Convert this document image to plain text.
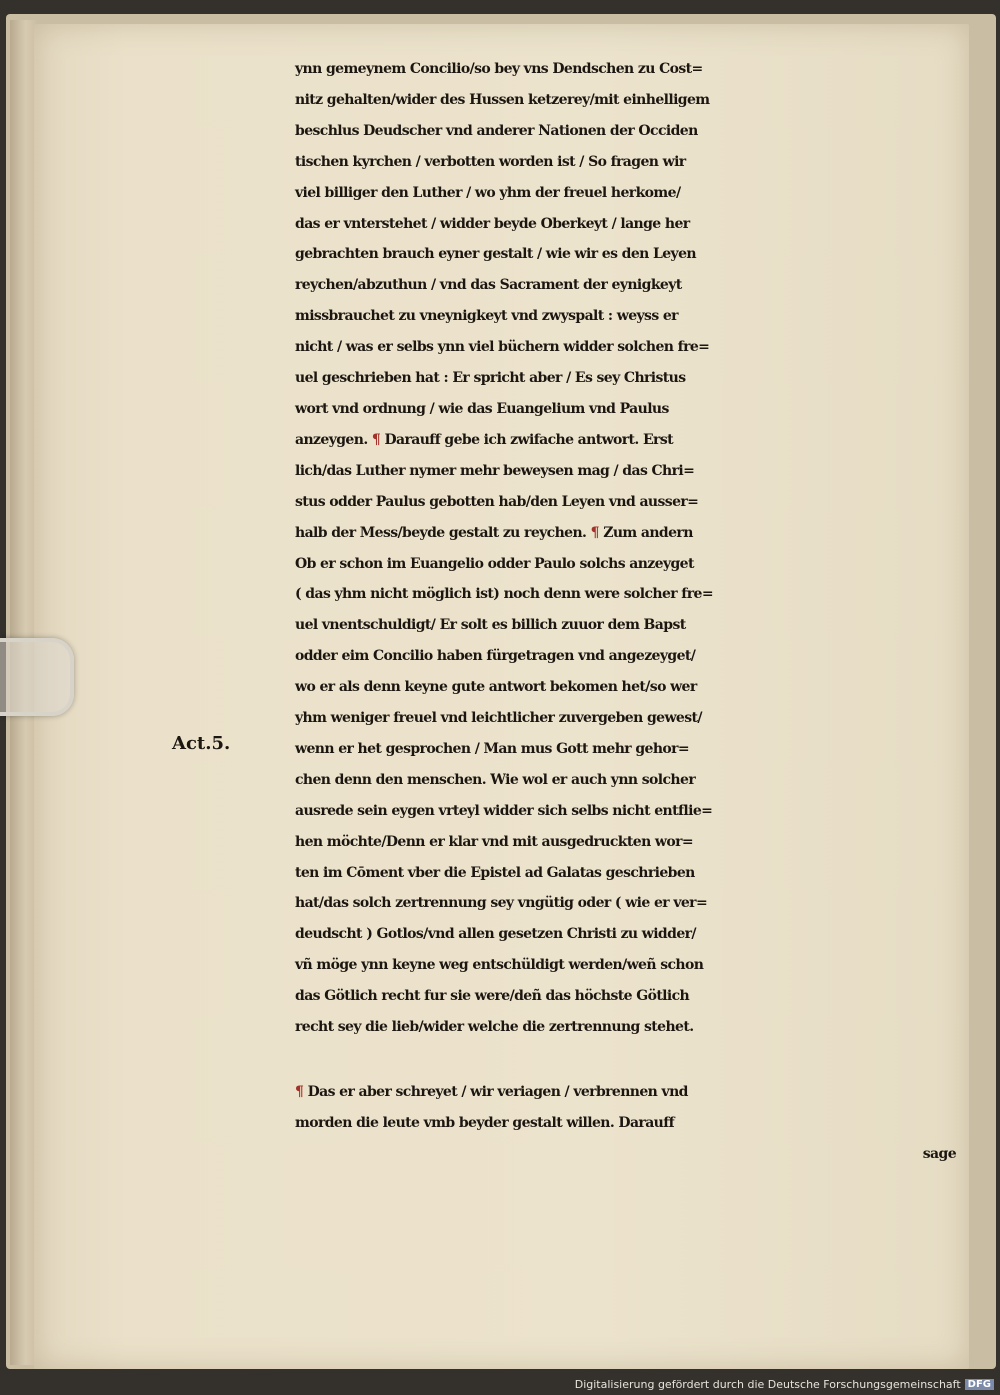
Act.5.
ynn gemeynem Concilio/so bey vns Dendschen zu Cost=
nitz gehalten/wider des Hussen ketzerey/mit einhelligem
beschlus Deudscher vnd anderer Nationen der Occiden
tischen kyrchen / verbotten worden ist / So fragen wir
viel billiger den Luther / wo yhm der freuel herkome/
das er vnterstehet / widder beyde Oberkeyt / lange her
gebrachten brauch eyner gestalt / wie wir es den Leyen
reychen/abzuthun / vnd das Sacrament der eynigkeyt
missbrauchet zu vneynigkeyt vnd zwyspalt : weyss er
nicht / was er selbs ynn viel büchern widder solchen fre=
uel geschrieben hat : Er spricht aber / Es sey Christus
wort vnd ordnung / wie das Euangelium vnd Paulus
anzeygen. ¶ Darauff gebe ich zwifache antwort. Erst
lich/das Luther nymer mehr beweysen mag / das Chri=
stus odder Paulus gebotten hab/den Leyen vnd ausser=
halb der Mess/beyde gestalt zu reychen. ¶ Zum andern
Ob er schon im Euangelio odder Paulo solchs anzeyget
( das yhm nicht möglich ist) noch denn were solcher fre=
uel vnentschuldigt/ Er solt es billich zuuor dem Bapst
odder eim Concilio haben fürgetragen vnd angezeyget/
wo er als denn keyne gute antwort bekomen het/so wer
yhm weniger freuel vnd leichtlicher zuvergeben gewest/
wenn er het gesprochen / Man mus Gott mehr gehor=
chen denn den menschen. Wie wol er auch ynn solcher
ausrede sein eygen vrteyl widder sich selbs nicht entflie=
hen möchte/Denn er klar vnd mit ausgedruckten wor=
ten im Cōment vber die Epistel ad Galatas geschrieben
hat/das solch zertrennung sey vngütig oder ( wie er ver=
deudscht ) Gotlos/vnd allen gesetzen Christi zu widder/
vñ möge ynn keyne weg entschüldigt werden/weñ schon
das Götlich recht fur sie were/deñ das höchste Götlich
recht sey die lieb/wider welche die zertrennung stehet.
¶ Das er aber schreyet / wir veriagen / verbrennen vnd
morden die leute vmb beyder gestalt willen. Darauff
sage
Digitalisierung gefördert durch die Deutsche Forschungsgemeinschaft DFG
